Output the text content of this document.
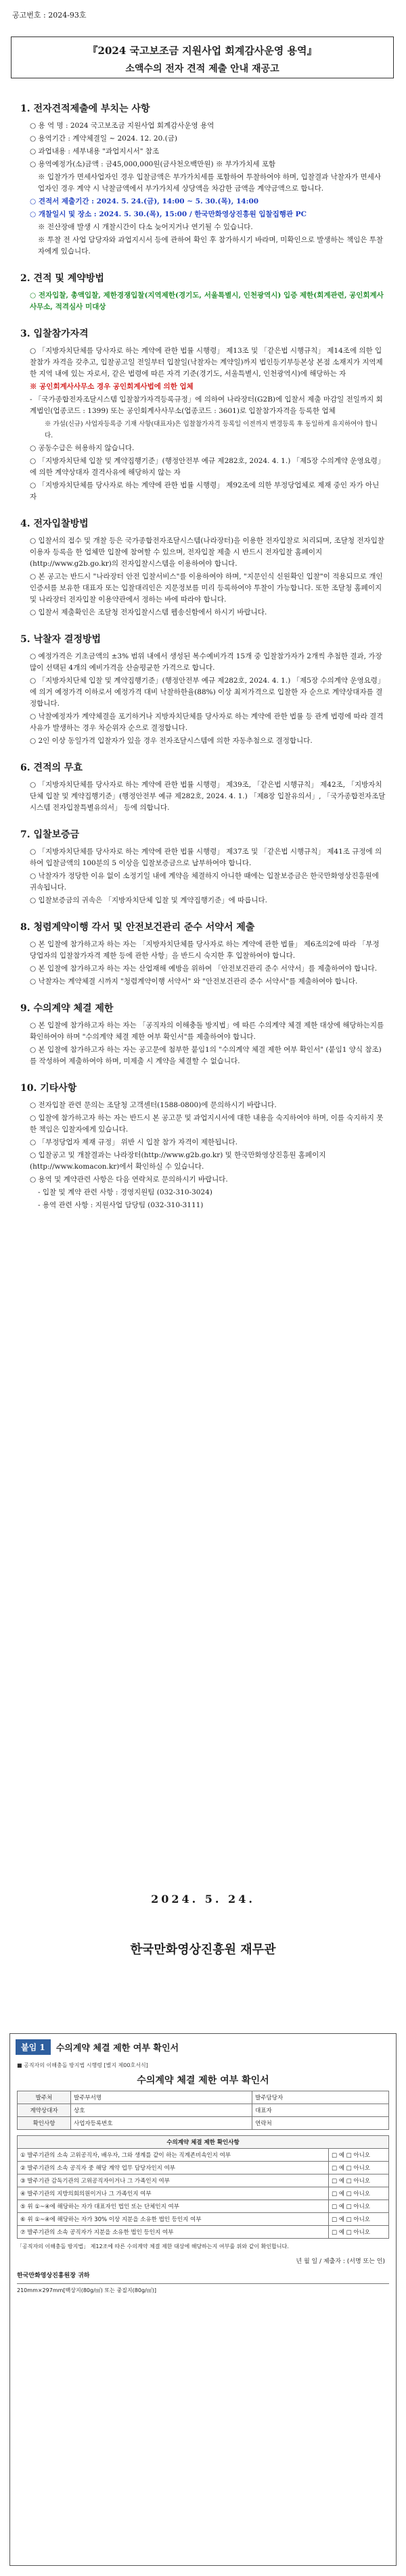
공고번호 : 2024-93호
『2024 국고보조금 지원사업 회계감사운영 용역』
소액수의 전자 견적 제출 안내 재공고
1. 전자견적제출에 부치는 사항

○ 용 역 명 : 2024 국고보조금 지원사업 회계감사운영 용역

○ 용역기간 : 계약체결일 ~ 2024. 12. 20.(금)

○ 과업내용 : 세부내용 "과업지시서" 참조

○ 용역예정가(소)금액 : 금45,000,000원(금사천오백만원) ※ 부가가치세 포함

※ 입찰가가 면세사업자인 경우 입찰금액은 부가가치세를 포함하여 투찰하여야 하며, 입찰결과 낙찰자가 면세사업자인 경우 계약 시 낙찰금액에서 부가가치세 상당액을 차감한 금액을 계약금액으로 합니다.

○ 견적서 제출기간 : 2024. 5. 24.(금), 14:00 ~ 5. 30.(목), 14:00

○ 개찰일시 및 장소 : 2024. 5. 30.(목), 15:00 / 한국만화영상진흥원 입찰집행관 PC

※ 전산장애 발생 시 개찰시간이 다소 늦어지거나 연기될 수 있습니다.

※ 투찰 전 사업 담당자와 과업지시서 등에 관하여 확인 후 참가하시기 바라며, 미확인으로 발생하는 책임은 투찰자에게 있습니다.

2. 견적 및 계약방법

○ 전자입찰, 총액입찰, 제한경쟁입찰(지역제한(경기도, 서울특별시, 인천광역시) 입증 제한(회계관련, 공인회계사사무소, 적격심사 미대상

3. 입찰참가자격

○ 「지방자치단체를 당사자로 하는 계약에 관한 법률 시행령」 제13조 및 「같은법 시행규칙」 제14조에 의한 입찰참가 자격을 갖추고, 입찰공고일 전일부터 입찰일(낙찰자는 계약일)까지 법인등기부등본상 본점 소재지가 지역제한 지역 내에 있는 자로서, 같은 법령에 따른 자격 기준(경기도, 서울특별시, 인천광역시)에 해당하는 자

※ 공인회계사사무소 경우 공인회계사법에 의한 업체

- 「국가종합전자조달시스템 입찰참가자격등록규정」에 의하여 나라장터(G2B)에 입찰서 제출 마감일 전일까지 회계법인(업종코드 : 1399) 또는 공인회계사사무소(업종코드 : 3601)로 입찰참가자격을 등록한 업체

※ 가설(신규) 사업자등록증 기재 사항(대표자)은 입찰참가자격 등록일 이전까지 변경등록 후 동일하게 유지하여야 합니다.

○ 공동수급은 허용하지 않습니다.

○ 「지방자치단체 입찰 및 계약집행기준」(행정안전부 예규 제282호, 2024. 4. 1.) 「제5장 수의계약 운영요령」에 의한 계약상대자 결격사유에 해당하지 않는 자

○ 「지방자치단체를 당사자로 하는 계약에 관한 법률 시행령」 제92조에 의한 부정당업체로 제재 중인 자가 아닌 자

4. 전자입찰방법

○ 입찰서의 접수 및 개찰 등은 국가종합전자조달시스템(나라장터)을 이용한 전자입찰로 처리되며, 조달청 전자입찰 이용자 등록을 한 업체만 입찰에 참여할 수 있으며, 전자입찰 제출 시 반드시 전자입찰 홈페이지(http://www.g2b.go.kr)의 전자입찰시스템을 이용하여야 합니다.

○ 본 공고는 반드시 "나라장터 안전 입찰서비스"를 이용하여야 하며, "지문인식 신원확인 입찰"이 적용되므로 개인인증서를 보유한 대표자 또는 입찰대리인은 지문정보를 미리 등록하여야 투찰이 가능합니다. 또한 조달청 홈페이지 및 나라장터 전자입찰 이용약관에서 정하는 바에 따라야 합니다.

○ 입찰서 제출확인은 조달청 전자입찰시스템 웹송신함에서 하시기 바랍니다.

5. 낙찰자 결정방법

○ 예정가격은 기초금액의 ±3% 범위 내에서 생성된 복수예비가격 15개 중 입찰참가자가 2개씩 추첨한 결과, 가장 많이 선택된 4개의 예비가격을 산술평균한 가격으로 합니다.

○ 「지방자치단체 입찰 및 계약집행기준」(행정안전부 예규 제282호, 2024. 4. 1.) 「제5장 수의계약 운영요령」에 의거 예정가격 이하로서 예정가격 대비 낙찰하한율(88%) 이상 최저가격으로 입찰한 자 순으로 계약상대자를 결정합니다.

○ 낙찰예정자가 계약체결을 포기하거나 지방자치단체를 당사자로 하는 계약에 관한 법률 등 관계 법령에 따라 결격사유가 발생하는 경우 차순위자 순으로 결정합니다.

○ 2인 이상 동일가격 입찰자가 있을 경우 전자조달시스템에 의한 자동추첨으로 결정합니다.

6. 견적의 무효

○ 「지방자치단체를 당사자로 하는 계약에 관한 법률 시행령」 제39조, 「같은법 시행규칙」 제42조, 「지방자치단체 입찰 및 계약집행기준」(행정안전부 예규 제282호, 2024. 4. 1.) 「제8장 입찰유의서」, 「국가종합전자조달시스템 전자입찰특별유의서」 등에 의합니다.

7. 입찰보증금

○ 「지방자치단체를 당사자로 하는 계약에 관한 법률 시행령」 제37조 및 「같은법 시행규칙」 제41조 규정에 의하여 입찰금액의 100분의 5 이상을 입찰보증금으로 납부하여야 합니다.

○ 낙찰자가 정당한 이유 없이 소정기일 내에 계약을 체결하지 아니한 때에는 입찰보증금은 한국만화영상진흥원에 귀속됩니다.

○ 입찰보증금의 귀속은 「지방자치단체 입찰 및 계약집행기준」에 따릅니다.

8. 청렴계약이행 각서 및 안전보건관리 준수 서약서 제출

○ 본 입찰에 참가하고자 하는 자는 「지방자치단체를 당사자로 하는 계약에 관한 법률」 제6조의2에 따라 「부정당업자의 입찰참가자격 제한 등에 관한 사항」을 반드시 숙지한 후 입찰하여야 합니다.

○ 본 입찰에 참가하고자 하는 자는 산업재해 예방을 위하여 「안전보건관리 준수 서약서」를 제출하여야 합니다.

○ 낙찰자는 계약체결 시까지 "청렴계약이행 서약서" 와 "안전보건관리 준수 서약서"를 제출하여야 합니다.

9. 수의계약 체결 제한

○ 본 입찰에 참가하고자 하는 자는 「공직자의 이해충돌 방지법」에 따른 수의계약 체결 제한 대상에 해당하는지를 확인하여야 하며 "수의계약 체결 제한 여부 확인서"를 제출하여야 합니다.

○ 본 입찰에 참가하고자 하는 자는 공고문에 첨부한 붙임1의 "수의계약 체결 제한 여부 확인서" (붙임1 양식 참조)를 작성하여 제출하여야 하며, 미제출 시 계약을 체결할 수 없습니다.

10. 기타사항

○ 전자입찰 관련 문의는 조달청 고객센터(1588-0800)에 문의하시기 바랍니다.

○ 입찰에 참가하고자 하는 자는 반드시 본 공고문 및 과업지시서에 대한 내용을 숙지하여야 하며, 이를 숙지하지 못한 책임은 입찰자에게 있습니다.

○ 「부정당업자 제재 규정」 위반 시 입찰 참가 자격이 제한됩니다.

○ 입찰공고 및 개찰결과는 나라장터(http://www.g2b.go.kr) 및 한국만화영상진흥원 홈페이지(http://www.komacon.kr)에서 확인하실 수 있습니다.

○ 용역 및 계약관련 사항은 다음 연락처로 문의하시기 바랍니다.

- 입찰 및 계약 관련 사항 : 경영지원팀 (032-310-3024)

- 용역 관련 사항 : 지원사업 담당팀 (032-310-3111)

2024. 5. 24.
한국만화영상진흥원 재무관
붙임 1	수의계약 체결 제한 여부 확인서
■ 공직자의 이해충돌 방지법 시행령 [별지 제00호서식]
수의계약 체결 제한 여부 확인서
발주처	발주부서명	발주담당자
계약상대자	상호	대표자
확인사항	사업자등록번호	연락처
수의계약 체결 제한 확인사항	
① 발주기관의 소속 고위공직자, 배우자, 그와 생계를 같이 하는 직계존비속인지 여부	□ 예 □ 아니오
② 발주기관의 소속 공직자 중 해당 계약 업무 담당자인지 여부	□ 예 □ 아니오
③ 발주기관 감독기관의 고위공직자이거나 그 가족인지 여부	□ 예 □ 아니오
④ 발주기관의 지방의회의원이거나 그 가족인지 여부	□ 예 □ 아니오
⑤ 위 ①~④에 해당하는 자가 대표자인 법인 또는 단체인지 여부	□ 예 □ 아니오
⑥ 위 ①~④에 해당하는 자가 30% 이상 지분을 소유한 법인 등인지 여부	□ 예 □ 아니오
⑦ 발주기관의 소속 공직자가 지분을 소유한 법인 등인지 여부	□ 예 □ 아니오
「공직자의 이해충돌 방지법」 제12조에 따른 수의계약 체결 제한 대상에 해당하는지 여부를 위와 같이 확인합니다.
년 월 일 / 제출자 : (서명 또는 인)
한국만화영상진흥원장 귀하
210mm×297mm[백상지(80g/㎡) 또는 중질지(80g/㎡)]
